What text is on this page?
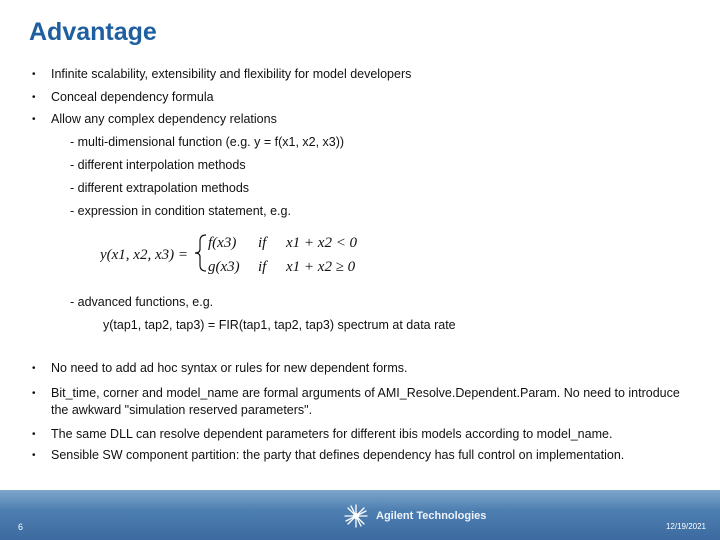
Advantage
•	Infinite scalability, extensibility and flexibility for model developers
•	Conceal dependency formula
•	Allow any complex dependency relations
- multi-dimensional function (e.g. y = f(x1, x2, x3))
- different interpolation methods
- different extrapolation methods
- expression in condition statement, e.g.
y(x1, x2, x3) =
f(x3) if x1 + x2 < 0
g(x3) if x1 + x2 ≥ 0
- advanced functions, e.g.
y(tap1, tap2, tap3) = FIR(tap1, tap2, tap3) spectrum at data rate
•	No need to add ad hoc syntax or rules for new dependent forms.
•	Bit_time, corner and model_name are formal arguments of AMI_Resolve.Dependent.Param. No need to introduce the awkward "simulation reserved parameters".
•	The same DLL can resolve dependent parameters for different ibis models according to model_name.
•	Sensible SW component partition: the party that defines dependency has full control on implementation.
6
Agilent Technologies
12/19/2021
